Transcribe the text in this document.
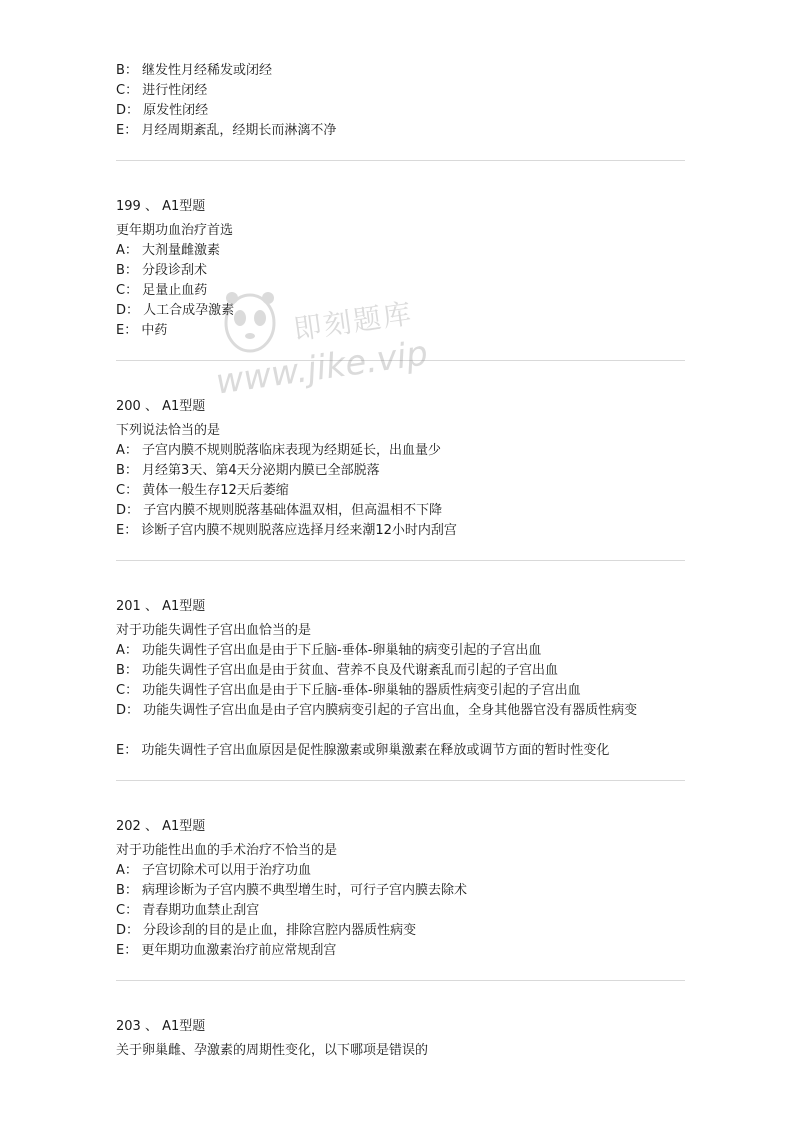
B： 继发性月经稀发或闭经
C： 进行性闭经
D： 原发性闭经
E： 月经周期紊乱，经期长而淋漓不净
199 、 A1型题
更年期功血治疗首选
A： 大剂量雌激素
B： 分段诊刮术
C： 足量止血药
D： 人工合成孕激素
E： 中药
200 、 A1型题
下列说法恰当的是
A： 子宫内膜不规则脱落临床表现为经期延长，出血量少
B： 月经第3天、第4天分泌期内膜已全部脱落
C： 黄体一般生存12天后萎缩
D： 子宫内膜不规则脱落基础体温双相，但高温相不下降
E： 诊断子宫内膜不规则脱落应选择月经来潮12小时内刮宫
201 、 A1型题
对于功能失调性子宫出血恰当的是
A： 功能失调性子宫出血是由于下丘脑-垂体-卵巢轴的病变引起的子宫出血
B： 功能失调性子宫出血是由于贫血、营养不良及代谢紊乱而引起的子宫出血
C： 功能失调性子宫出血是由于下丘脑-垂体-卵巢轴的器质性病变引起的子宫出血
D： 功能失调性子宫出血是由子宫内膜病变引起的子宫出血，全身其他器官没有器质性病变
E： 功能失调性子宫出血原因是促性腺激素或卵巢激素在释放或调节方面的暂时性变化
202 、 A1型题
对于功能性出血的手术治疗不恰当的是
A： 子宫切除术可以用于治疗功血
B： 病理诊断为子宫内膜不典型增生时，可行子宫内膜去除术
C： 青春期功血禁止刮宫
D： 分段诊刮的目的是止血，排除宫腔内器质性病变
E： 更年期功血激素治疗前应常规刮宫
203 、 A1型题
关于卵巢雌、孕激素的周期性变化，以下哪项是错误的
即刻题库
www.jike.vip
